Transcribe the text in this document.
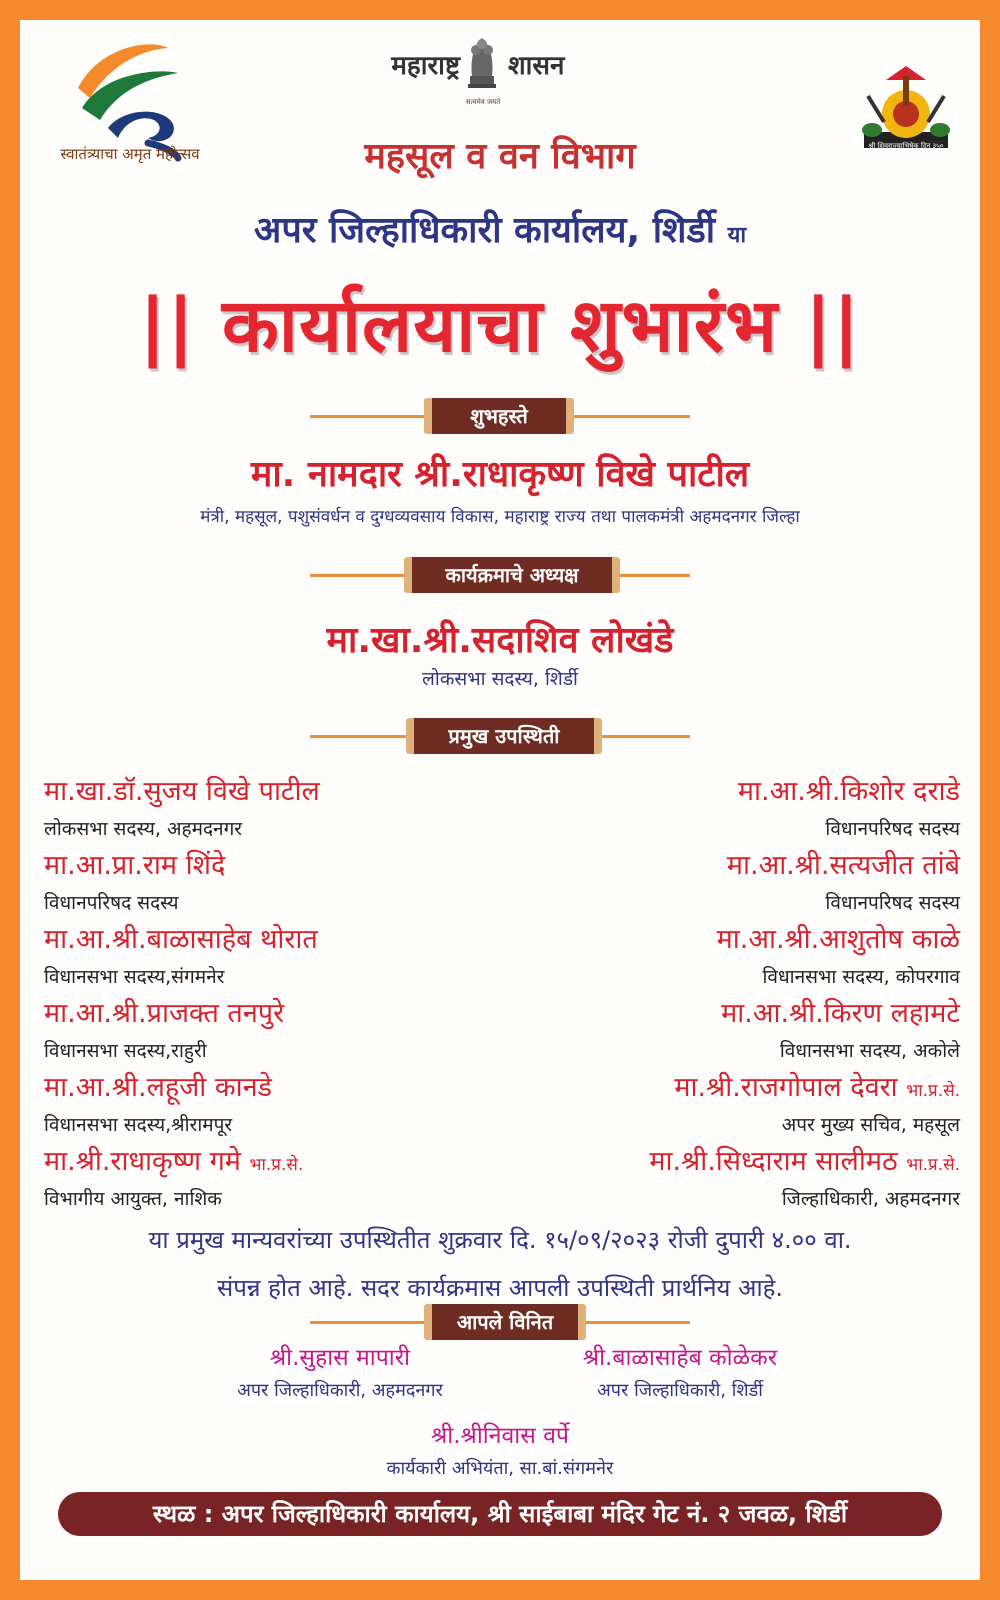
स्वातंत्र्याचा अमृत महोत्सव
महाराष्ट्र
सत्यमेव जयते
शासन
श्री शिवराज्याभिषेक दिन ३५०
महसूल व वन विभाग
अपर जिल्हाधिकारी कार्यालय, शिर्डी या
|| कार्यालयाचा शुभारंभ ||
शुभहस्ते
मा. नामदार श्री.राधाकृष्ण विखे पाटील
मंत्री, महसूल, पशुसंवर्धन व दुग्धव्यवसाय विकास, महाराष्ट्र राज्य तथा पालकमंत्री अहमदनगर जिल्हा
कार्यक्रमाचे अध्यक्ष
मा.खा.श्री.सदाशिव लोखंडे
लोकसभा सदस्य, शिर्डी
प्रमुख उपस्थिती
मा.खा.डॉ.सुजय विखे पाटील
लोकसभा सदस्य, अहमदनगर
मा.आ.प्रा.राम शिंदे
विधानपरिषद सदस्य
मा.आ.श्री.बाळासाहेब थोरात
विधानसभा सदस्य,संगमनेर
मा.आ.श्री.प्राजक्त तनपुरे
विधानसभा सदस्य,राहुरी
मा.आ.श्री.लहूजी कानडे
विधानसभा सदस्य,श्रीरामपूर
मा.श्री.राधाकृष्ण गमे भा.प्र.से.
विभागीय आयुक्त, नाशिक
मा.आ.श्री.किशोर दराडे
विधानपरिषद सदस्य
मा.आ.श्री.सत्यजीत तांबे
विधानपरिषद सदस्य
मा.आ.श्री.आशुतोष काळे
विधानसभा सदस्य, कोपरगाव
मा.आ.श्री.किरण लहामटे
विधानसभा सदस्य, अकोले
मा.श्री.राजगोपाल देवरा भा.प्र.से.
अपर मुख्य सचिव, महसूल
मा.श्री.सिध्दाराम सालीमठ भा.प्र.से.
जिल्हाधिकारी, अहमदनगर
या प्रमुख मान्यवरांच्या उपस्थितीत शुक्रवार दि. १५/०९/२०२३ रोजी दुपारी ४.०० वा.
संपन्न होत आहे. सदर कार्यक्रमास आपली उपस्थिती प्रार्थनिय आहे.
आपले विनित
श्री.सुहास मापारी
अपर जिल्हाधिकारी, अहमदनगर
श्री.बाळासाहेब कोळेकर
अपर जिल्हाधिकारी, शिर्डी
श्री.श्रीनिवास वर्पे
कार्यकारी अभियंता, सा.बां.संगमनेर
स्थळ : अपर जिल्हाधिकारी कार्यालय, श्री साईबाबा मंदिर गेट नं. २ जवळ, शिर्डी
